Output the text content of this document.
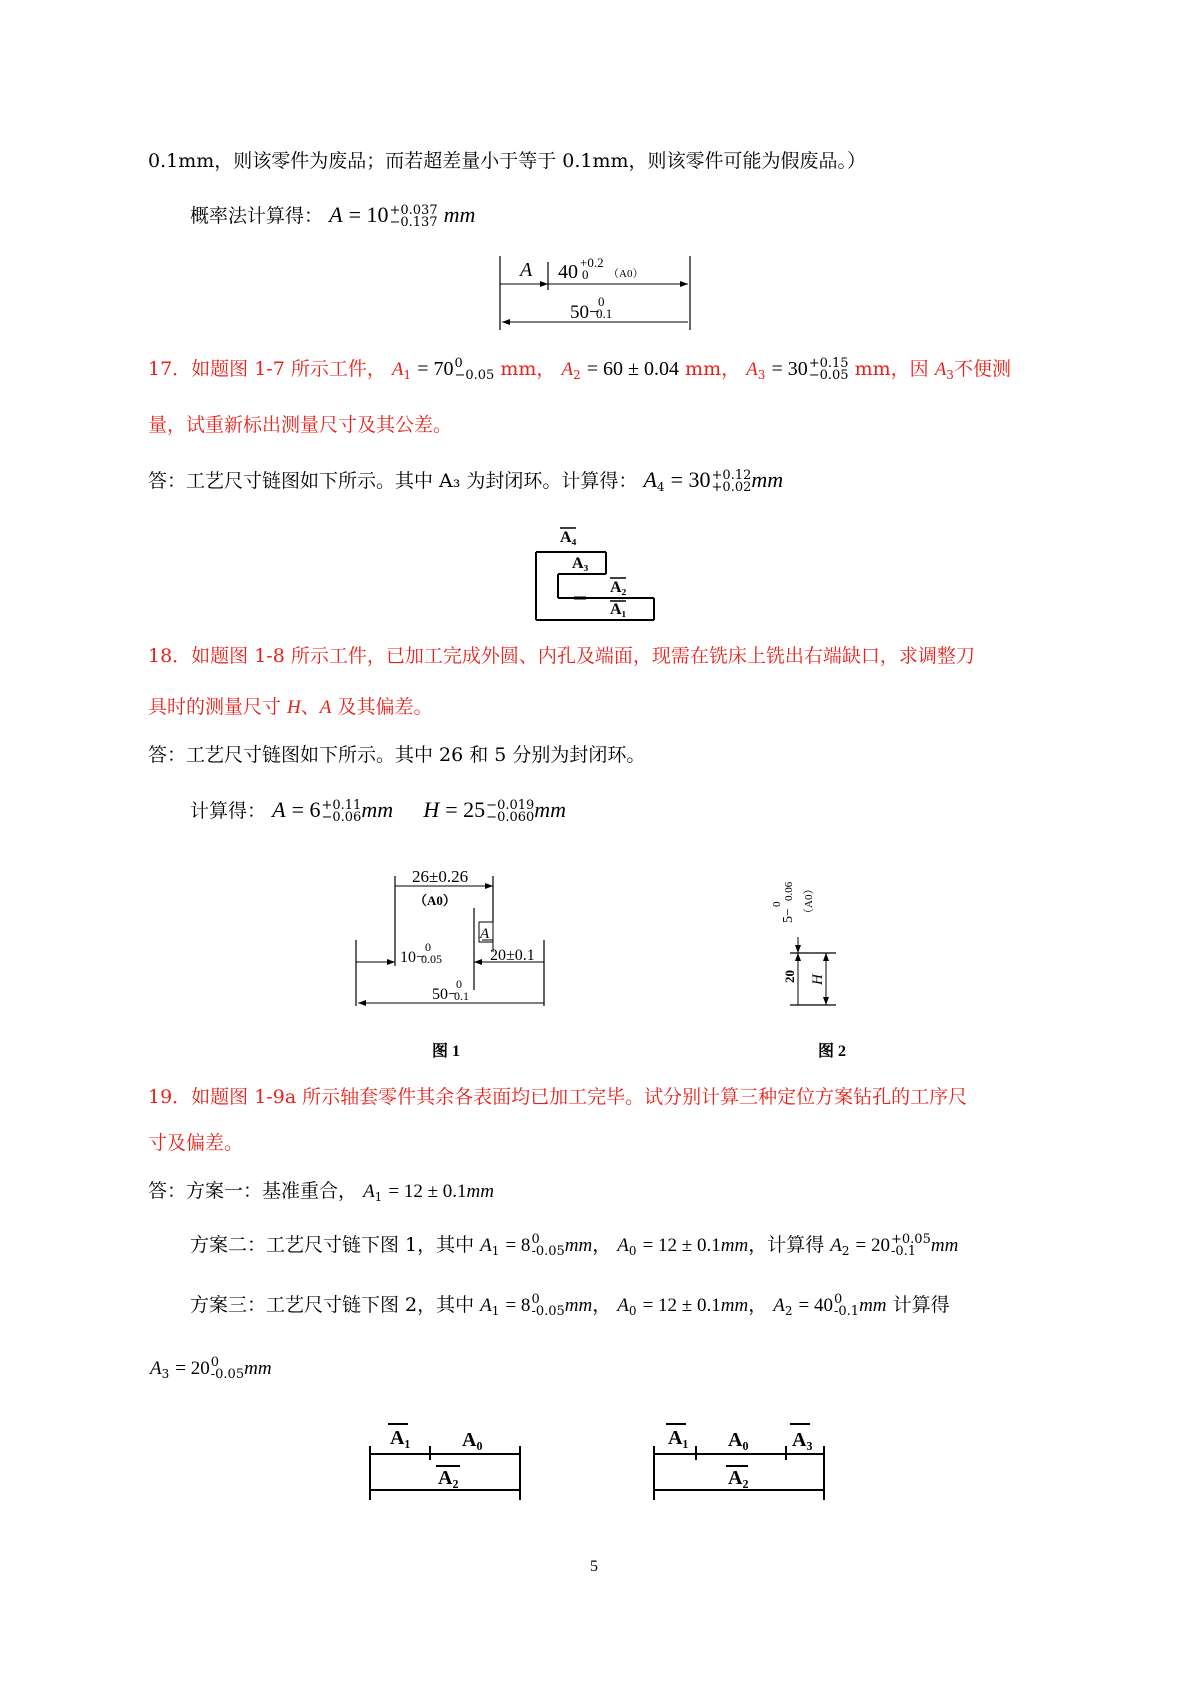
0.1mm，则该零件为废品；而若超差量小于等于 0.1mm，则该零件可能为假废品。）
概率法计算得： A = 10 +0.037
−0.137 mm
A 40 +0.2
0 （A0）
50−
0
0.1
17．如题图 1-7 所示工件， $A_1 = 70$ 0
−0.05 mm， $A_2 = 60 \pm 0.04$ mm， $A_3 = 30 +0.15$
−0.05 mm，因 $A_3$不便测
量，试重新标出测量尺寸及其公差。
答：工艺尺寸链图如下所示。其中 A₃ 为封闭环。计算得： $A_4 = 30 +0.12$
+0.02 mm
A₄
A₃
A₂
A₁
18．如题图 1-8 所示工件，已加工完成外圆、内孔及端面，现需在铣床上铣出右端缺口，求调整刀
具时的测量尺寸 H、A 及其偏差。
答：工艺尺寸链图如下所示。其中 26 和 5 分别为封闭环。
计算得： A = 6 +0.11
−0.06 mm H = 25 −0.019
−0.060 mm
26±0.26
（A0）
A
10−
0
0.05	20±0.1
50−
0
0.1
图 1
5−
0
0.06 （A0）
20 H
图 2
19．如题图 1-9a 所示轴套零件其余各表面均已加工完毕。试分别计算三种定位方案钻孔的工序尺
寸及偏差。
答：方案一：基准重合， $A_1 = 12 \pm 0.1mm$
方案二：工艺尺寸链下图 1，其中 $A_1 = 8$ 0
-0.05 mm， $A_0 = 12 \pm 0.1mm$，计算得 $A_2 = 20 +0.05$
-0.1 mm
方案三：工艺尺寸链下图 2，其中 $A_1 = 8$ 0
-0.05 mm， $A_0 = 12 \pm 0.1mm$， $A_2 = 40$ 0
-0.1 mm 计算得
$A_3 = 20$ 0
-0.05 mm
A₁	A₀
A₂
A₁ A₀ A₃
A₂
5
